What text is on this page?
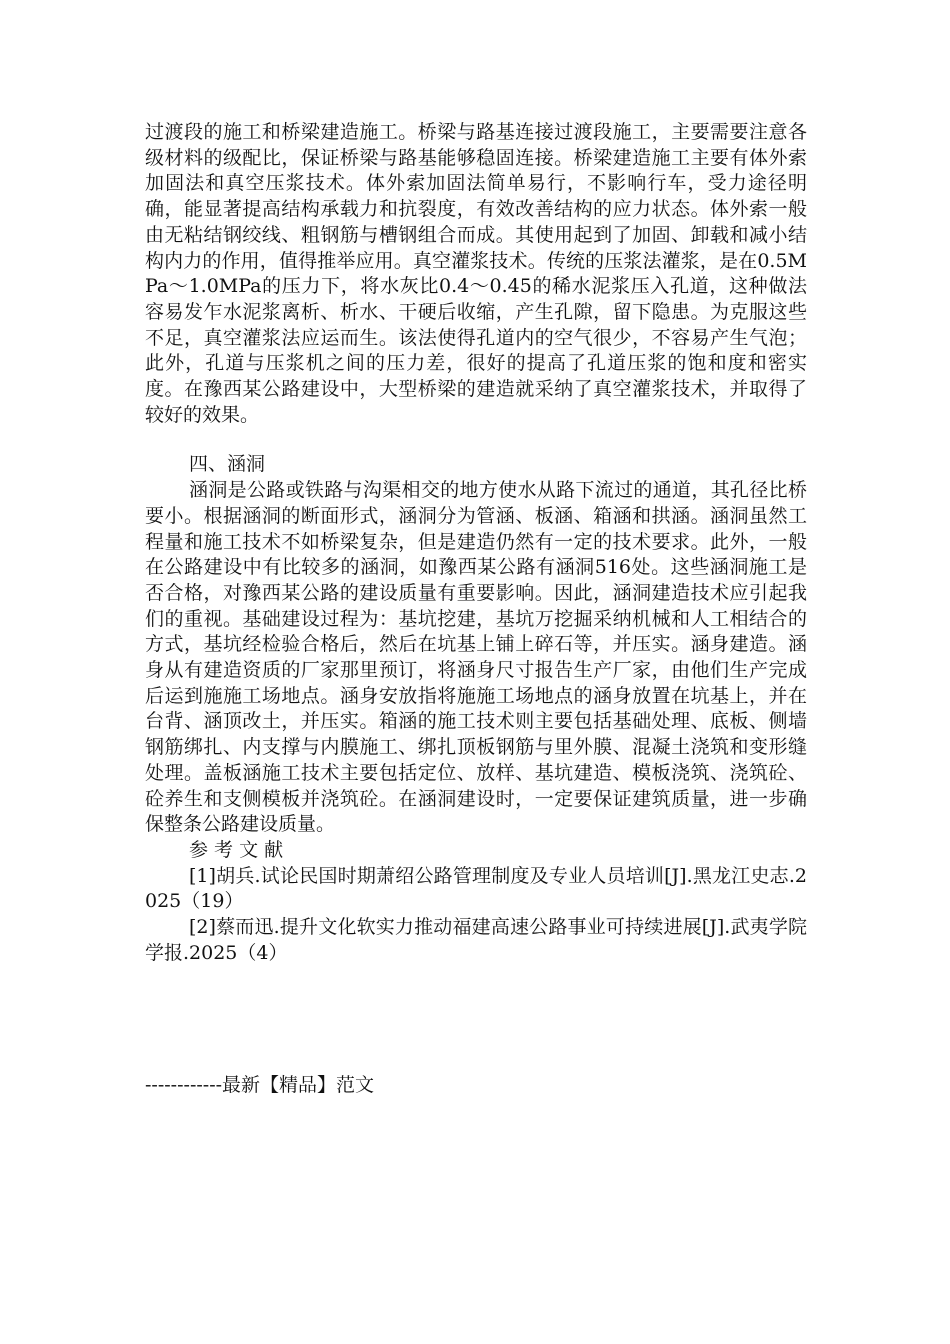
过渡段的施工和桥梁建造施工。桥梁与路基连接过渡段施工，主要需要注意各级材料的级配比，保证桥梁与路基能够稳固连接。桥梁建造施工主要有体外索加固法和真空压浆技术。体外索加固法简单易行，不影响行车，受力途径明确，能显著提高结构承载力和抗裂度，有效改善结构的应力状态。体外索一般由无粘结钢绞线、粗钢筋与槽钢组合而成。其使用起到了加固、卸载和减小结构内力的作用，值得推举应用。真空灌浆技术。传统的压浆法灌浆，是在0.5MPa～1.0MPa的压力下，将水灰比0.4～0.45的稀水泥浆压入孔道，这种做法容易发乍水泥浆离析、析水、干硬后收缩，产生孔隙，留下隐患。为克服这些不足，真空灌浆法应运而生。该法使得孔道内的空气很少，不容易产生气泡；此外，孔道与压浆机之间的压力差，很好的提高了孔道压浆的饱和度和密实度。在豫西某公路建设中，大型桥梁的建造就采纳了真空灌浆技术，并取得了较好的效果。

四、涵洞

涵洞是公路或铁路与沟渠相交的地方使水从路下流过的通道，其孔径比桥要小。根据涵洞的断面形式，涵洞分为管涵、板涵、箱涵和拱涵。涵洞虽然工程量和施工技术不如桥梁复杂，但是建造仍然有一定的技术要求。此外，一般在公路建设中有比较多的涵洞，如豫西某公路有涵洞516处。这些涵洞施工是否合格，对豫西某公路的建设质量有重要影响。因此，涵洞建造技术应引起我们的重视。基础建设过程为：基坑挖建，基坑万挖掘采纳机械和人工相结合的方式，基坑经检验合格后，然后在坑基上铺上碎石等，并压实。涵身建造。涵身从有建造资质的厂家那里预订，将涵身尺寸报告生产厂家，由他们生产完成后运到施施工场地点。涵身安放指将施施工场地点的涵身放置在坑基上，并在台背、涵顶改土，并压实。箱涵的施工技术则主要包括基础处理、底板、侧墙钢筋绑扎、内支撑与内膜施工、绑扎顶板钢筋与里外膜、混凝土浇筑和变形缝处理。盖板涵施工技术主要包括定位、放样、基坑建造、模板浇筑、浇筑砼、砼养生和支侧模板并浇筑砼。在涵洞建设时，一定要保证建筑质量，进一步确保整条公路建设质量。

参 考 文 献

[1]胡兵.试论民国时期萧绍公路管理制度及专业人员培训[J].黑龙江史志.2025（19）

[2]蔡而迅.提升文化软实力推动福建高速公路事业可持续进展[J].武夷学院学报.2025（4）

------------最新【精品】范文
